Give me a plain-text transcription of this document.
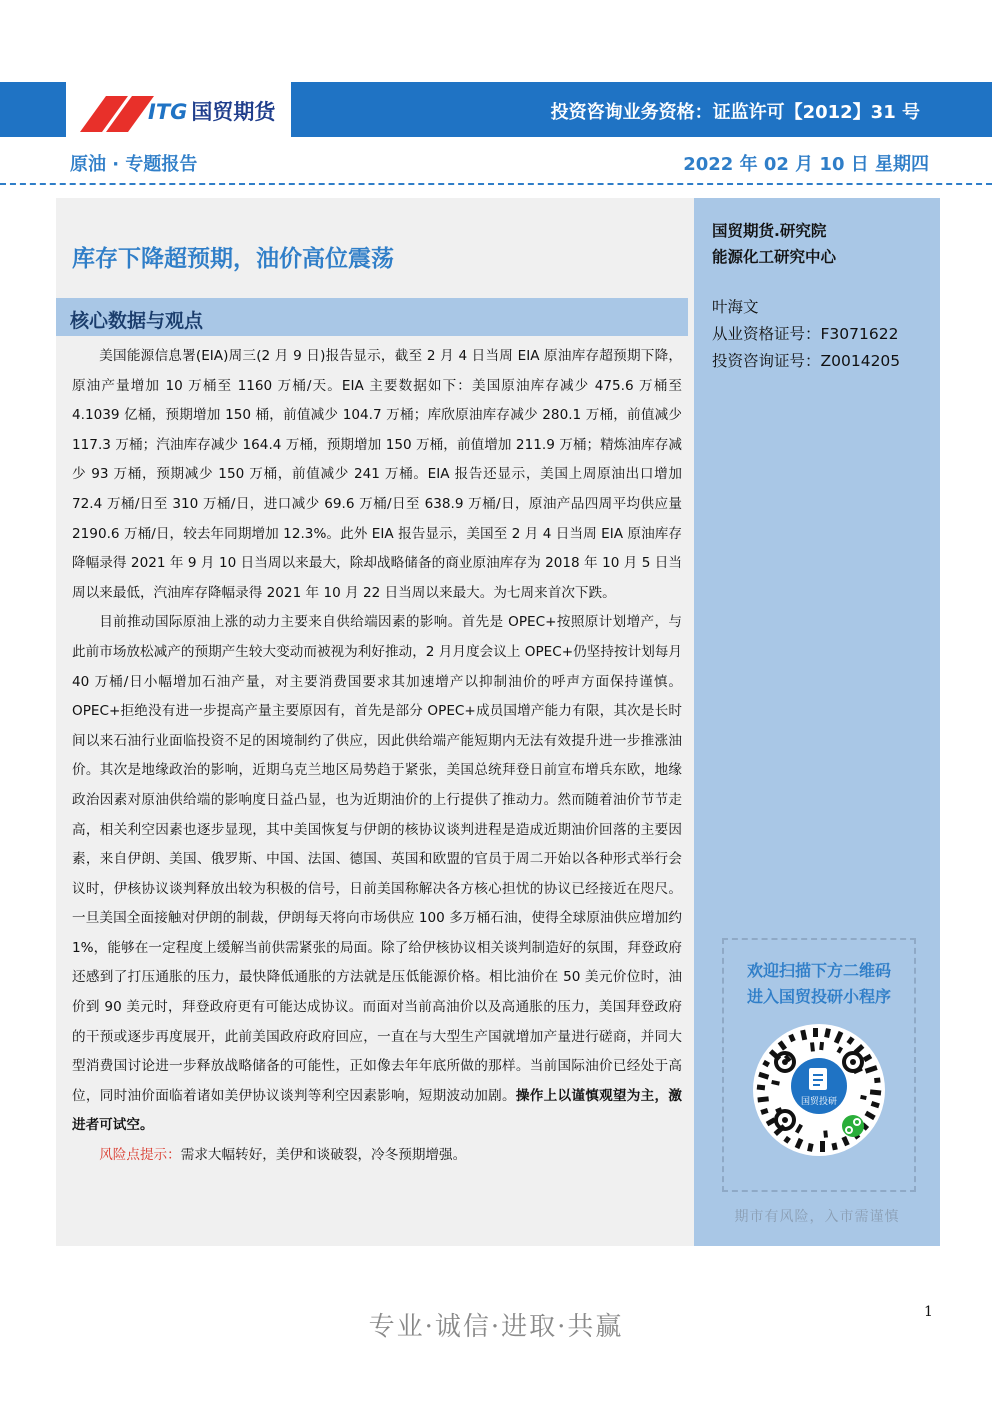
ITG 国贸期货	投资咨询业务资格：证监许可【2012】31 号
原油 · 专题报告	2022 年 02 月 10 日 星期四
库存下降超预期，油价高位震荡
核心数据与观点

美国能源信息署(EIA)周三(2 月 9 日)报告显示，截至 2 月 4 日当周 EIA 原油库存超预期下降，原油产量增加 10 万桶至 1160 万桶/天。EIA 主要数据如下：美国原油库存减少 475.6 万桶至 4.1039 亿桶，预期增加 150 桶，前值减少 104.7 万桶；库欣原油库存减少 280.1 万桶，前值减少 117.3 万桶；汽油库存减少 164.4 万桶，预期增加 150 万桶，前值增加 211.9 万桶；精炼油库存减少 93 万桶，预期减少 150 万桶，前值减少 241 万桶。EIA 报告还显示，美国上周原油出口增加 72.4 万桶/日至 310 万桶/日，进口减少 69.6 万桶/日至 638.9 万桶/日，原油产品四周平均供应量 2190.6 万桶/日，较去年同期增加 12.3%。此外 EIA 报告显示，美国至 2 月 4 日当周 EIA 原油库存降幅录得 2021 年 9 月 10 日当周以来最大，除却战略储备的商业原油库存为 2018 年 10 月 5 日当周以来最低，汽油库存降幅录得 2021 年 10 月 22 日当周以来最大。为七周来首次下跌。

目前推动国际原油上涨的动力主要来自供给端因素的影响。首先是 OPEC+按照原计划增产，与此前市场放松减产的预期产生较大变动而被视为利好推动，2 月月度会议上 OPEC+仍坚持按计划每月 40 万桶/日小幅增加石油产量，对主要消费国要求其加速增产以抑制油价的呼声方面保持谨慎。OPEC+拒绝没有进一步提高产量主要原因有，首先是部分 OPEC+成员国增产能力有限，其次是长时间以来石油行业面临投资不足的困境制约了供应，因此供给端产能短期内无法有效提升进一步推涨油价。其次是地缘政治的影响，近期乌克兰地区局势趋于紧张，美国总统拜登日前宣布增兵东欧，地缘政治因素对原油供给端的影响度日益凸显，也为近期油价的上行提供了推动力。然而随着油价节节走高，相关利空因素也逐步显现，其中美国恢复与伊朗的核协议谈判进程是造成近期油价回落的主要因素，来自伊朗、美国、俄罗斯、中国、法国、德国、英国和欧盟的官员于周二开始以各种形式举行会议时，伊核协议谈判释放出较为积极的信号，日前美国称解决各方核心担忧的协议已经接近在咫尺。一旦美国全面接触对伊朗的制裁，伊朗每天将向市场供应 100 多万桶石油，使得全球原油供应增加约 1%，能够在一定程度上缓解当前供需紧张的局面。除了给伊核协议相关谈判制造好的氛围，拜登政府还感到了打压通胀的压力，最快降低通胀的方法就是压低能源价格。相比油价在 50 美元价位时，油价到 90 美元时，拜登政府更有可能达成协议。而面对当前高油价以及高通胀的压力，美国拜登政府的干预或逐步再度展开，此前美国政府政府回应，一直在与大型生产国就增加产量进行磋商，并同大型消费国讨论进一步释放战略储备的可能性，正如像去年年底所做的那样。当前国际油价已经处于高位，同时油价面临着诸如美伊协议谈判等利空因素影响，短期波动加剧。操作上以谨慎观望为主，激进者可试空。

风险点提示：需求大幅转好，美伊和谈破裂，冷冬预期增强。

国贸期货.研究院
能源化工研究中心
叶海文
从业资格证号：F3071622
投资咨询证号：Z0014205
欢迎扫描下方二维码
进入国贸投研小程序
国贸投研
期市有风险，入市需谨慎
专业·诚信·进取·共赢	1
